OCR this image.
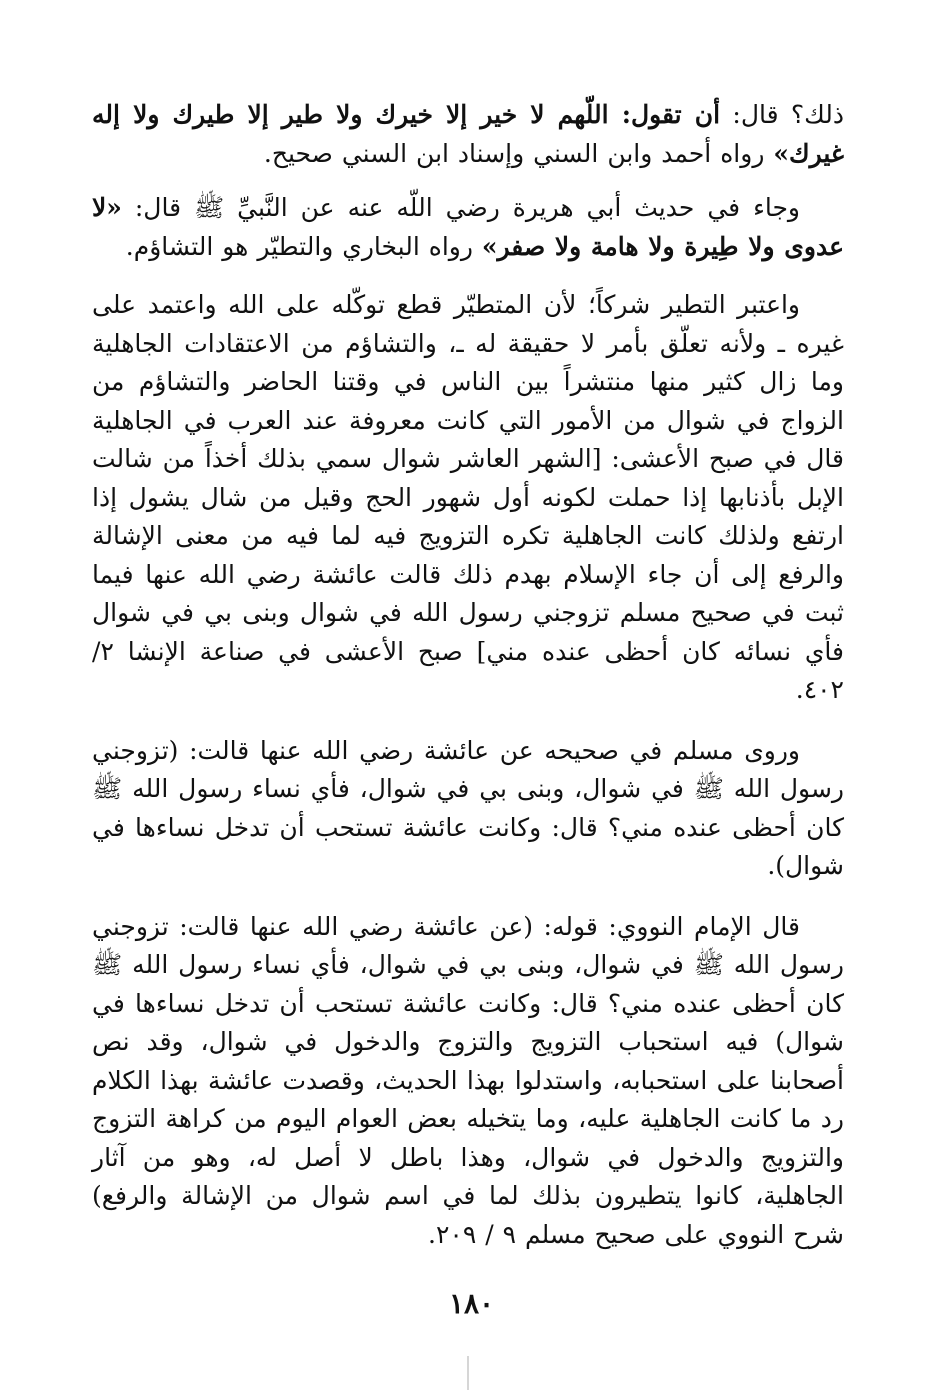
ذلك؟ قال: أن تقول: اللّهم لا خير إلا خيرك ولا طير إلا طيرك ولا إله غيرك» رواه أحمد وابن السني وإسناد ابن السني صحيح.

وجاء في حديث أبي هريرة رضي اللّه عنه عن النَّبيِّ ﷺ قال: «لا عدوى ولا طِيرة ولا هامة ولا صفر» رواه البخاري والتطيّر هو التشاؤم.

واعتبر التطير شركاً؛ لأن المتطيّر قطع توكّله على الله واعتمد على غيره ـ ولأنه تعلّق بأمر لا حقيقة له ـ، والتشاؤم من الاعتقادات الجاهلية وما زال كثير منها منتشراً بين الناس في وقتنا الحاضر والتشاؤم من الزواج في شوال من الأمور التي كانت معروفة عند العرب في الجاهلية قال في صبح الأعشى: [الشهر العاشر شوال سمي بذلك أخذاً من شالت الإبل بأذنابها إذا حملت لكونه أول شهور الحج وقيل من شال يشول إذا ارتفع ولذلك كانت الجاهلية تكره التزويج فيه لما فيه من معنى الإشالة والرفع إلى أن جاء الإسلام بهدم ذلك قالت عائشة رضي الله عنها فيما ثبت في صحيح مسلم تزوجني رسول الله في شوال وبنى بي في شوال فأي نسائه كان أحظى عنده مني] صبح الأعشى في صناعة الإنشا ٢/ ٤٠٢.

وروى مسلم في صحيحه عن عائشة رضي الله عنها قالت: (تزوجني رسول الله ﷺ في شوال، وبنى بي في شوال، فأي نساء رسول الله ﷺ كان أحظى عنده مني؟ قال: وكانت عائشة تستحب أن تدخل نساءها في شوال).

قال الإمام النووي: قوله: (عن عائشة رضي الله عنها قالت: تزوجني رسول الله ﷺ في شوال، وبنى بي في شوال، فأي نساء رسول الله ﷺ كان أحظى عنده مني؟ قال: وكانت عائشة تستحب أن تدخل نساءها في شوال) فيه استحباب التزويج والتزوج والدخول في شوال، وقد نص أصحابنا على استحبابه، واستدلوا بهذا الحديث، وقصدت عائشة بهذا الكلام رد ما كانت الجاهلية عليه، وما يتخيله بعض العوام اليوم من كراهة التزوج والتزويج والدخول في شوال، وهذا باطل لا أصل له، وهو من آثار الجاهلية، كانوا يتطيرون بذلك لما في اسم شوال من الإشالة والرفع) شرح النووي على صحيح مسلم ٩ / ٢٠٩.

١٨٠
